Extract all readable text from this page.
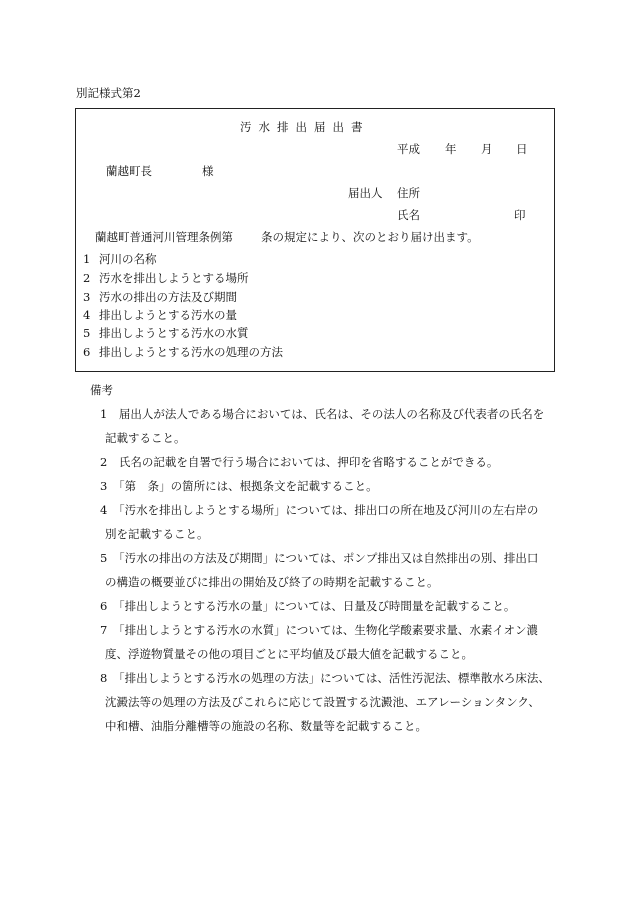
別記様式第2
汚水排出届出書
平成 年 月 日
蘭越町長	様
届出人 住所
氏名	印
蘭越町普通河川管理条例第 条の規定により、次のとおり届け出ます。
1 河川の名称
2 汚水を排出しようとする場所
3 汚水の排出の方法及び期間
4 排出しようとする汚水の量
5 排出しようとする汚水の水質
6 排出しようとする汚水の処理の方法
備考
1　届出人が法人である場合においては、氏名は、その法人の名称及び代表者の氏名を
記載すること。
2　氏名の記載を自署で行う場合においては、押印を省略することができる。
3　「第　条」の箇所には、根拠条文を記載すること。
4　「汚水を排出しようとする場所」については、排出口の所在地及び河川の左右岸の
別を記載すること。
5　「汚水の排出の方法及び期間」については、ポンプ排出又は自然排出の別、排出口
の構造の概要並びに排出の開始及び終了の時期を記載すること。
6　「排出しようとする汚水の量」については、日量及び時間量を記載すること。
7　「排出しようとする汚水の水質」については、生物化学酸素要求量、水素イオン濃
度、浮遊物質量その他の項目ごとに平均値及び最大値を記載すること。
8　「排出しようとする汚水の処理の方法」については、活性汚泥法、標準散水ろ床法、
沈澱法等の処理の方法及びこれらに応じて設置する沈澱池、エアレーションタンク、
中和槽、油脂分離槽等の施設の名称、数量等を記載すること。
